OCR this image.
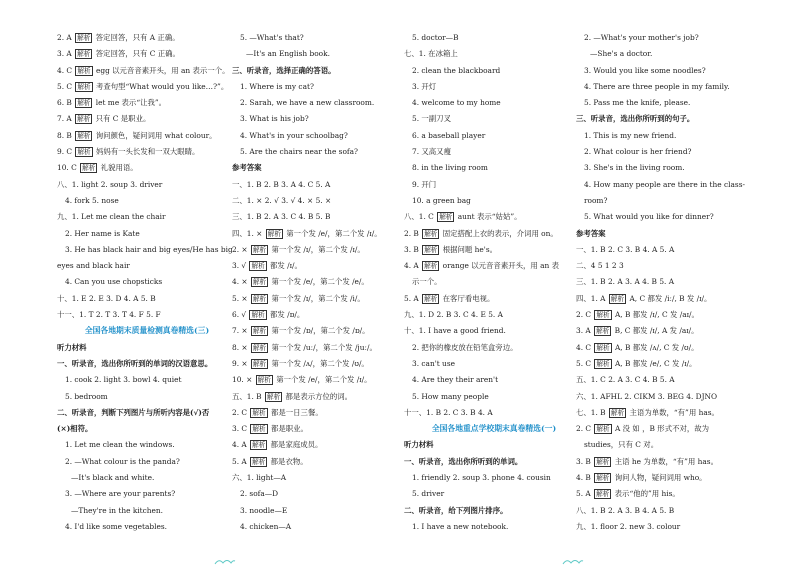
2. A 解析 答定回答，只有 A 正确。
3. A 解析 答定回答，只有 C 正确。
4. C 解析 egg 以元音音素开头，用 an 表示一个。
5. C 解析 考查句型“What would you like…?”。
6. B 解析 let me 表示“让我”。
7. A 解析 只有 C 是职业。
8. B 解析 询问颜色，疑问词用 what colour。
9. C 解析 妈妈有一头长发和一双大眼睛。
10. C 解析 礼貌用语。
八、1. light 2. soup 3. driver
4. fork 5. nose
九、1. Let me clean the chair
2. Her name is Kate
3. He has black hair and big eyes/He has big
eyes and black hair
4. Can you use chopsticks
十、1. E 2. E 3. D 4. A 5. B
十一、1. T 2. T 3. T 4. F 5. F
全国各地期末质量检测真卷精选(三)
听力材料
一、听录音，选出你所听到的单词的汉语意思。
1. cook 2. light 3. bowl 4. quiet
5. bedroom
二、听录音，判断下列图片与所听内容是(√)否
(×)相符。
1. Let me clean the windows.
2. —What colour is the panda?
—It's black and white.
3. —Where are your parents?
—They're in the kitchen.
4. I'd like some vegetables.
5. —What's that?
—It's an English book.
三、听录音，选择正确的答语。
1. Where is my cat?
2. Sarah, we have a new classroom.
3. What is his job?
4. What's in your schoolbag?
5. Are the chairs near the sofa?
参考答案
一、1. B 2. B 3. A 4. C 5. A
二、1. × 2. √ 3. √ 4. × 5. ×
三、1. B 2. A 3. C 4. B 5. B
四、1. × 解析 第一个发 /e/，第二个发 /ɪ/。
2. × 解析 第一个发 /ɪ/，第二个发 /ɪ/。
3. √ 解析 都发 /ɪ/。
4. × 解析 第一个发 /e/，第二个发 /e/。
5. × 解析 第一个发 /ɪ/，第二个发 /i/。
6. √ 解析 都发 /ɒ/。
7. × 解析 第一个发 /ɒ/，第二个发 /ɒ/。
8. × 解析 第一个发 /uː/，第二个发 /juː/。
9. × 解析 第一个发 /ʌ/，第二个发 /ʊ/。
10. × 解析 第一个发 /e/，第二个发 /ɪ/。
五、1. B 解析 都是表示方位的词。
2. C 解析 都是一日三餐。
3. C 解析 都是职业。
4. A 解析 都是家庭成员。
5. A 解析 都是衣物。
六、1. light—A
2. sofa—D
3. noodle—E
4. chicken—A
5. doctor—B
七、1. 在冰箱上
2. clean the blackboard
3. 开灯
4. welcome to my home
5. 一副刀叉
6. a baseball player
7. 又高又瘦
8. in the living room
9. 开门
10. a green bag
八、1. C 解析 aunt 表示“姑姑”。
2. B 解析 固定搭配上衣的表示，介词用 on。
3. B 解析 根据问题 he's。
4. A 解析 orange 以元音音素开头，用 an 表
示一个。
5. A 解析 在客厅看电视。
九、1. D 2. B 3. C 4. E 5. A
十、1. I have a good friend.
2. 把你的橡皮放在铅笔盒旁边。
3. can't use
4. Are they their aren't
5. How many people
十一、1. B 2. C 3. B 4. A
全国各地重点学校期末真卷精选(一)
听力材料
一、听录音，选出你所听到的单词。
1. friendly 2. soup 3. phone 4. cousin
5. driver
二、听录音，给下列图片排序。
1. I have a new notebook.
2. —What's your mother's job?
—She's a doctor.
3. Would you like some noodles?
4. There are three people in my family.
5. Pass me the knife, please.
三、听录音，选出你所听到的句子。
1. This is my new friend.
2. What colour is her friend?
3. She's in the living room.
4. How many people are there in the class-
room?
5. What would you like for dinner?
参考答案
一、1. B 2. C 3. B 4. A 5. A
二、4 5 1 2 3
三、1. B 2. A 3. A 4. B 5. A
四、1. A 解析 A, C 都发 /iː/, B 发 /ɪ/。
2. C 解析 A, B 都发 /ɪ/, C 发 /aɪ/。
3. A 解析 B, C 都发 /ɪ/, A 发 /aɪ/。
4. C 解析 A, B 都发 /ʌ/, C 发 /ʊ/。
5. C 解析 A, B 都发 /e/, C 发 /ɪ/。
五、1. C 2. A 3. C 4. B 5. A
六、1. AFHL 2. CIKM 3. BEG 4. DJNO
七、1. B 解析 主语为单数，“有”用 has。
2. C 解析 A 没 如 ，B 形式不对，故为
studies，只有 C 对。
3. B 解析 主语 he 为单数，“有”用 has。
4. B 解析 询问人物，疑问词用 who。
5. A 解析 表示“他的”用 his。
八、1. B 2. A 3. B 4. A 5. B
九、1. floor 2. new 3. colour
